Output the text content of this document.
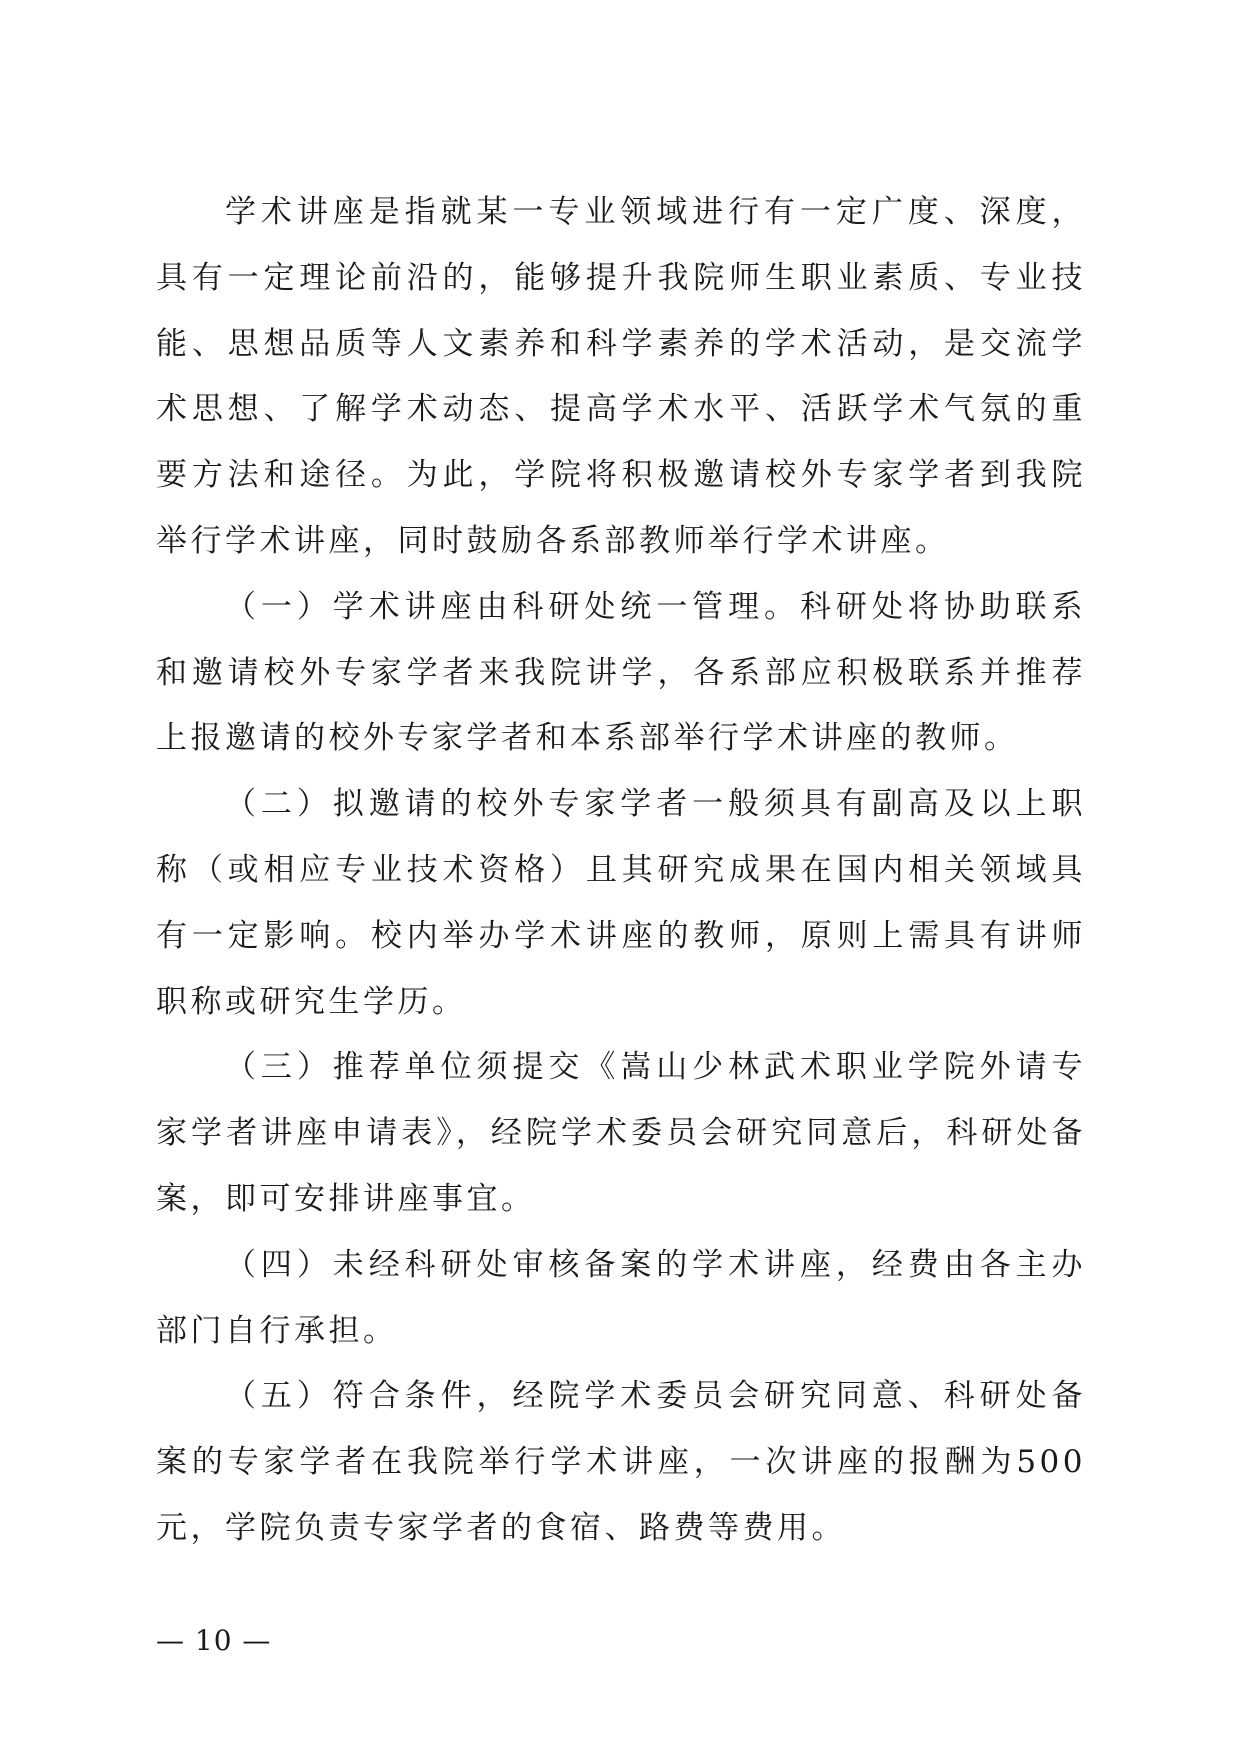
学术讲座是指就某一专业领域进行有一定广度、深度，具有一定理论前沿的，能够提升我院师生职业素质、专业技能、思想品质等人文素养和科学素养的学术活动，是交流学术思想、了解学术动态、提高学术水平、活跃学术气氛的重要方法和途径。为此，学院将积极邀请校外专家学者到我院举行学术讲座，同时鼓励各系部教师举行学术讲座。

（一）学术讲座由科研处统一管理。科研处将协助联系和邀请校外专家学者来我院讲学，各系部应积极联系并推荐上报邀请的校外专家学者和本系部举行学术讲座的教师。

（二）拟邀请的校外专家学者一般须具有副高及以上职称（或相应专业技术资格）且其研究成果在国内相关领域具有一定影响。校内举办学术讲座的教师，原则上需具有讲师职称或研究生学历。

（三）推荐单位须提交《嵩山少林武术职业学院外请专家学者讲座申请表》，经院学术委员会研究同意后，科研处备案，即可安排讲座事宜。

（四）未经科研处审核备案的学术讲座，经费由各主办部门自行承担。

（五）符合条件，经院学术委员会研究同意、科研处备案的专家学者在我院举行学术讲座，一次讲座的报酬为500元，学院负责专家学者的食宿、路费等费用。

— 10 —
